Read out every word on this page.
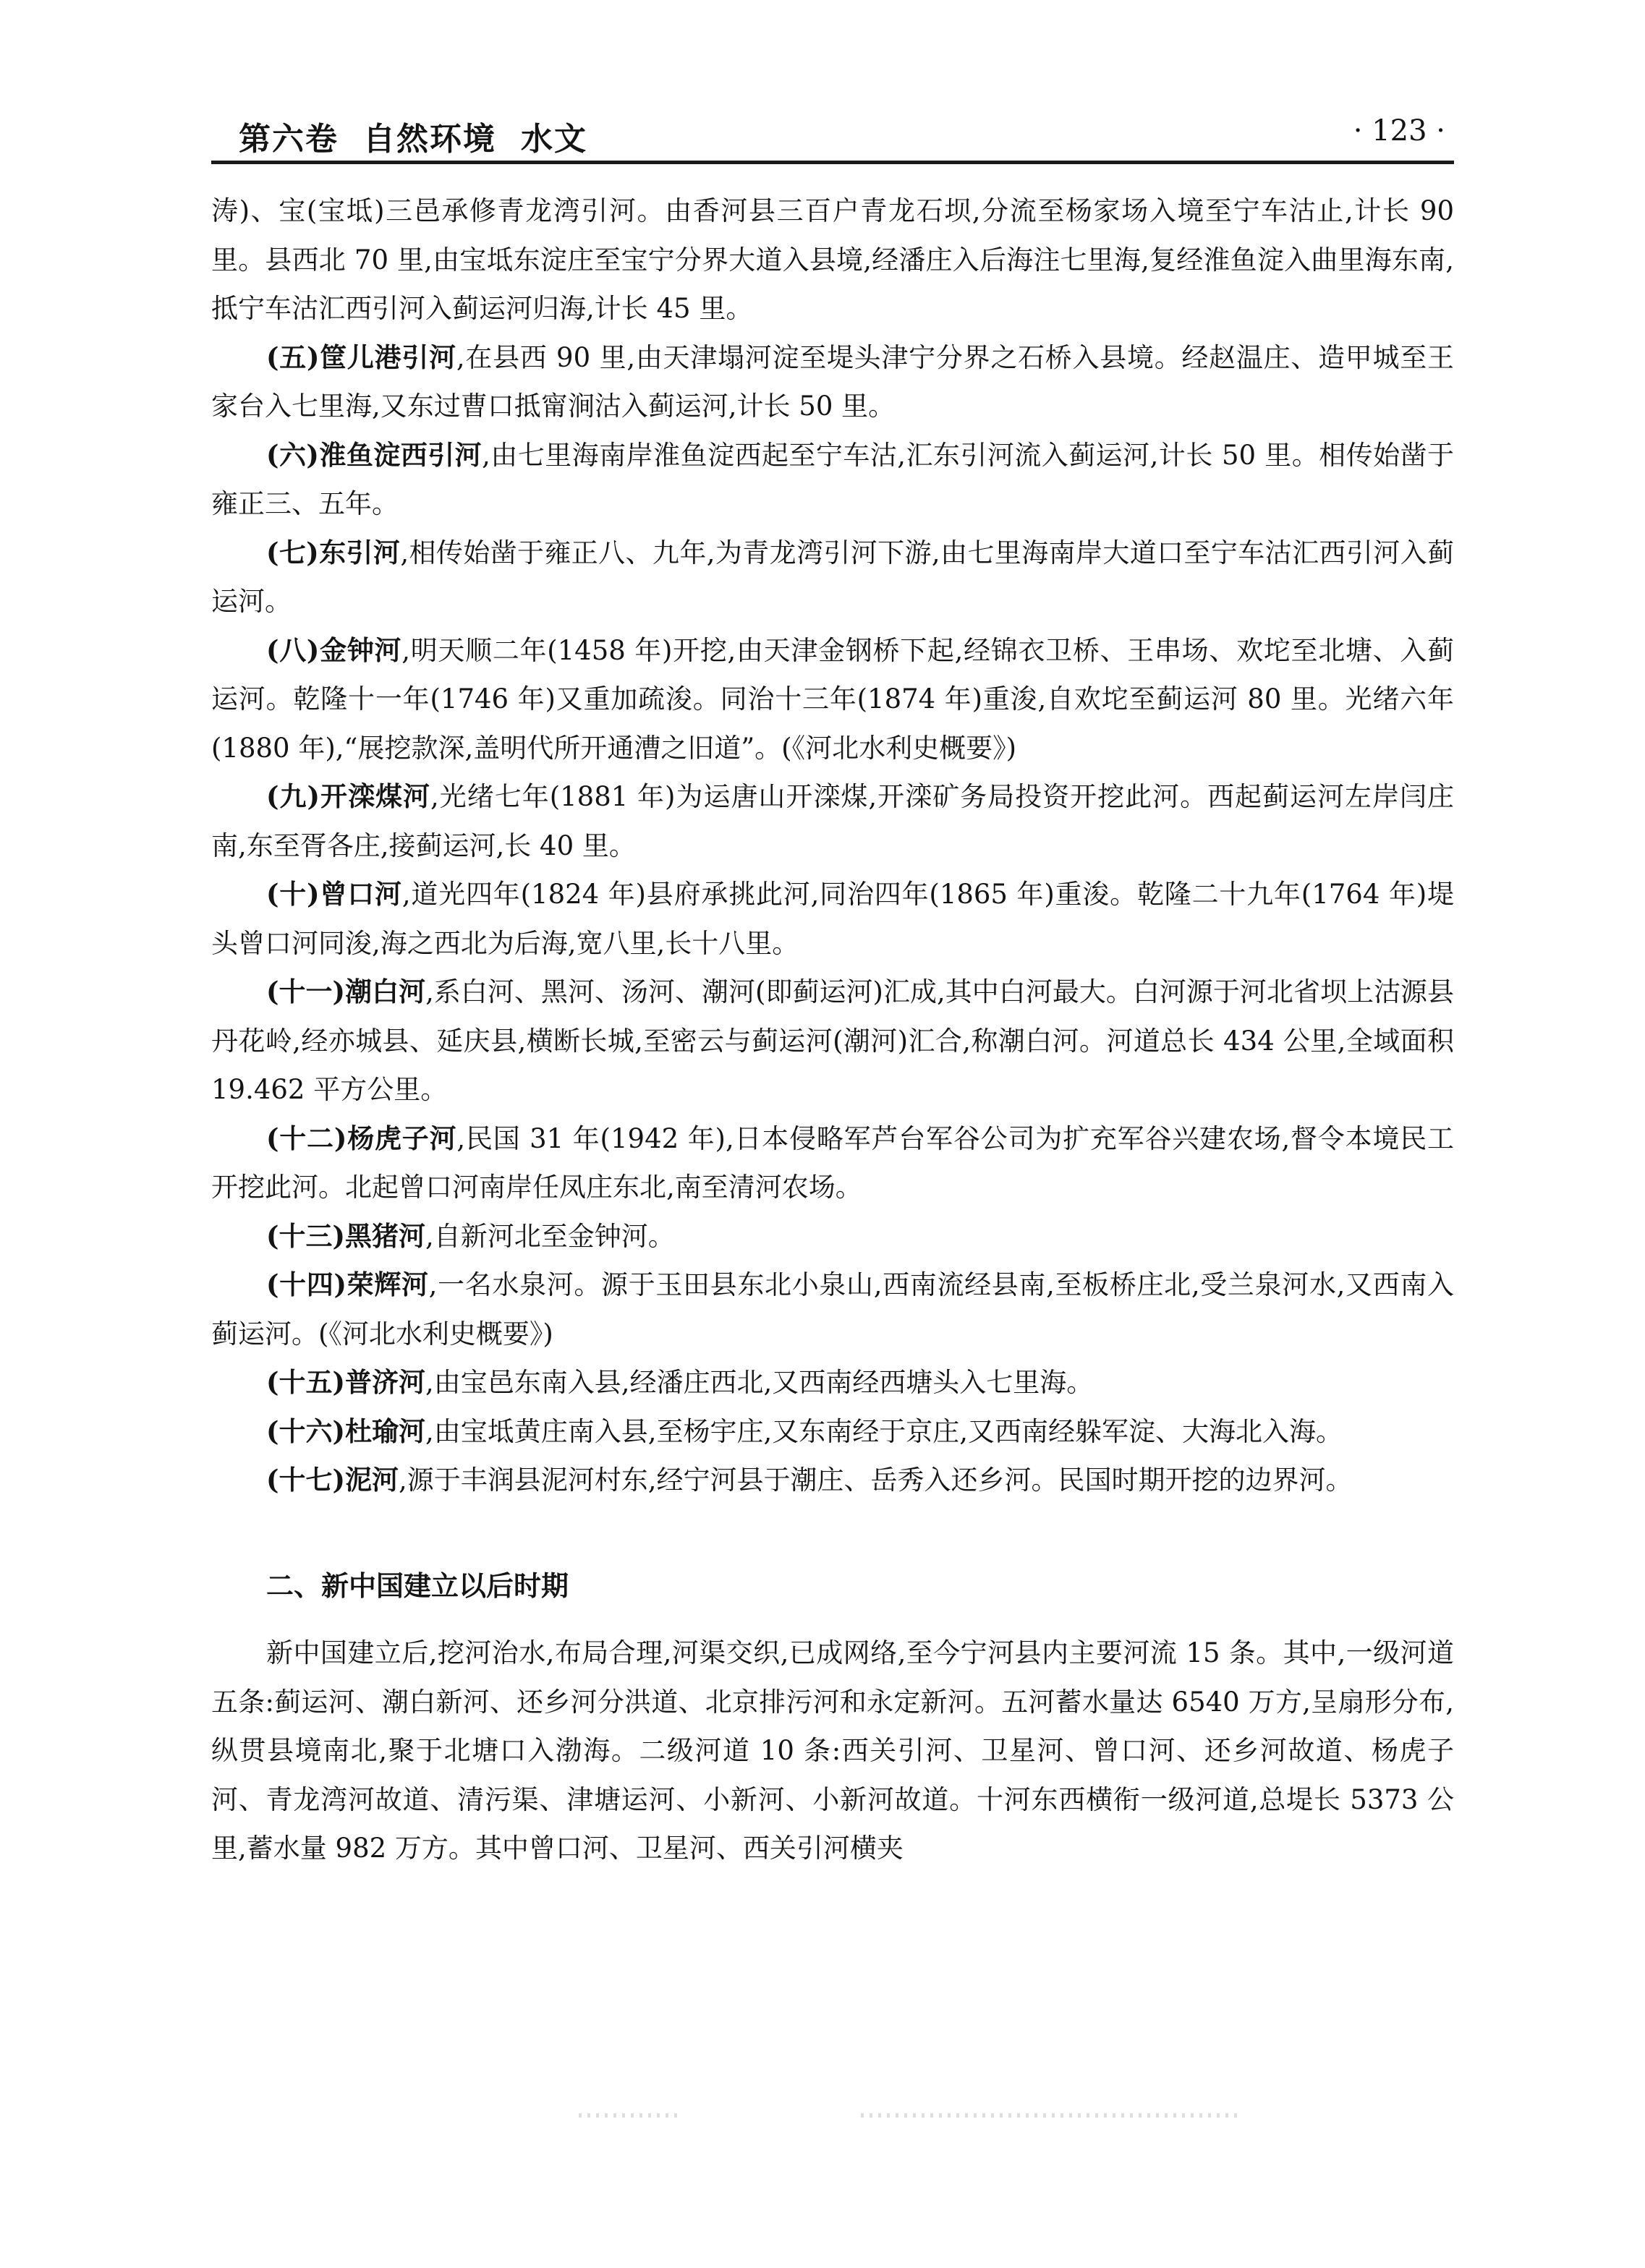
第六卷 自然环境 水文	· 123 ·

涛)、宝(宝坻)三邑承修青龙湾引河。由香河县三百户青龙石坝,分流至杨家场入境至宁车沽止,计长 90 里。县西北 70 里,由宝坻东淀庄至宝宁分界大道入县境,经潘庄入后海注七里海,复经淮鱼淀入曲里海东南,抵宁车沽汇西引河入蓟运河归海,计长 45 里。

(五)筐儿港引河,在县西 90 里,由天津塌河淀至堤头津宁分界之石桥入县境。经赵温庄、造甲城至王家台入七里海,又东过曹口抵甯涧沽入蓟运河,计长 50 里。

(六)淮鱼淀西引河,由七里海南岸淮鱼淀西起至宁车沽,汇东引河流入蓟运河,计长 50 里。相传始凿于雍正三、五年。

(七)东引河,相传始凿于雍正八、九年,为青龙湾引河下游,由七里海南岸大道口至宁车沽汇西引河入蓟运河。

(八)金钟河,明天顺二年(1458 年)开挖,由天津金钢桥下起,经锦衣卫桥、王串场、欢坨至北塘、入蓟运河。乾隆十一年(1746 年)又重加疏浚。同治十三年(1874 年)重浚,自欢坨至蓟运河 80 里。光绪六年(1880 年),“展挖款深,盖明代所开通漕之旧道”。(《河北水利史概要》)

(九)开滦煤河,光绪七年(1881 年)为运唐山开滦煤,开滦矿务局投资开挖此河。西起蓟运河左岸闫庄南,东至胥各庄,接蓟运河,长 40 里。

(十)曾口河,道光四年(1824 年)县府承挑此河,同治四年(1865 年)重浚。乾隆二十九年(1764 年)堤头曾口河同浚,海之西北为后海,宽八里,长十八里。

(十一)潮白河,系白河、黑河、汤河、潮河(即蓟运河)汇成,其中白河最大。白河源于河北省坝上沽源县丹花岭,经亦城县、延庆县,横断长城,至密云与蓟运河(潮河)汇合,称潮白河。河道总长 434 公里,全域面积 19.462 平方公里。

(十二)杨虎子河,民国 31 年(1942 年),日本侵略军芦台军谷公司为扩充军谷兴建农场,督令本境民工开挖此河。北起曾口河南岸任凤庄东北,南至清河农场。

(十三)黑猪河,自新河北至金钟河。

(十四)荣辉河,一名水泉河。源于玉田县东北小泉山,西南流经县南,至板桥庄北,受兰泉河水,又西南入蓟运河。(《河北水利史概要》)

(十五)普济河,由宝邑东南入县,经潘庄西北,又西南经西塘头入七里海。

(十六)杜瑜河,由宝坻黄庄南入县,至杨宇庄,又东南经于京庄,又西南经躲军淀、大海北入海。

(十七)泥河,源于丰润县泥河村东,经宁河县于潮庄、岳秀入还乡河。民国时期开挖的边界河。

二、新中国建立以后时期

新中国建立后,挖河治水,布局合理,河渠交织,已成网络,至今宁河县内主要河流 15 条。其中,一级河道五条:蓟运河、潮白新河、还乡河分洪道、北京排污河和永定新河。五河蓄水量达 6540 万方,呈扇形分布,纵贯县境南北,聚于北塘口入渤海。二级河道 10 条:西关引河、卫星河、曾口河、还乡河故道、杨虎子河、青龙湾河故道、清污渠、津塘运河、小新河、小新河故道。十河东西横衔一级河道,总堤长 5373 公里,蓄水量 982 万方。其中曾口河、卫星河、西关引河横夹
